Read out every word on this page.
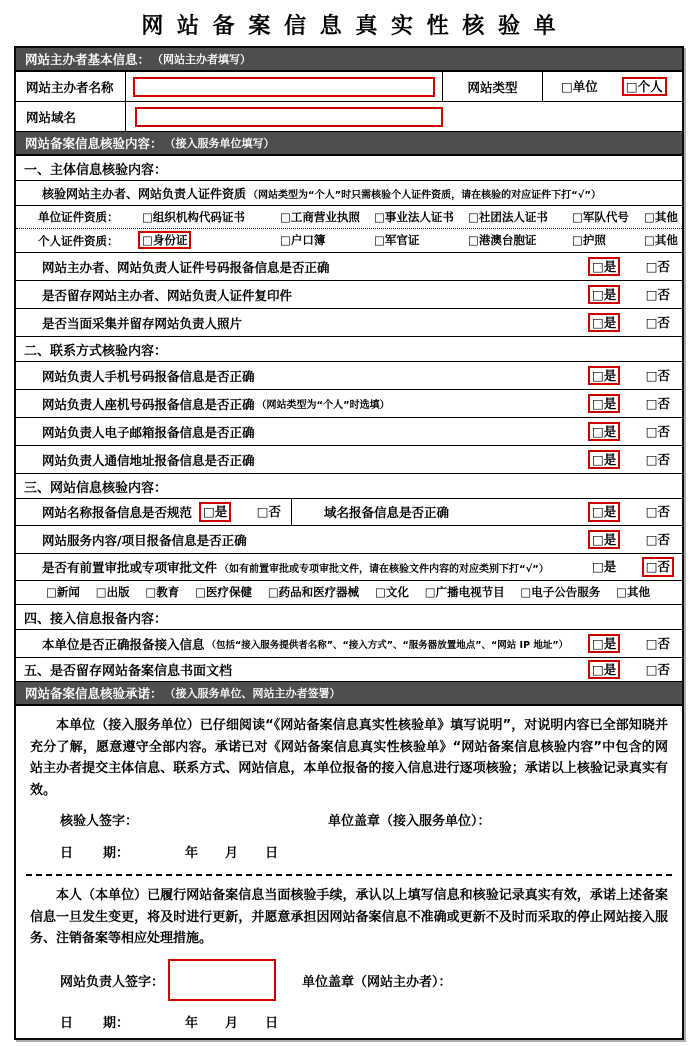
网 站 备 案 信 息 真 实 性 核 验 单
网站主办者基本信息： （网站主办者填写）
网站主办者名称	网站类型	□单位	□个人
网站域名
网站备案信息核验内容： （接入服务单位填写）
一、主体信息核验内容：
核验网站主办者、网站负责人证件资质 （网站类型为“个人”时只需核验个人证件资质，请在核验的对应证件下打“√”）
单位证件资质：	□组织机构代码证书	□工商营业执照	□事业法人证书	□社团法人证书	□军队代号	□其他
个人证件资质：	□身份证	□户口簿	□军官证	□港澳台胞证	□护照	□其他
网站主办者、网站负责人证件号码报备信息是否正确	□是	□否
是否留存网站主办者、网站负责人证件复印件	□是	□否
是否当面采集并留存网站负责人照片	□是	□否
二、联系方式核验内容：
网站负责人手机号码报备信息是否正确	□是	□否
网站负责人座机号码报备信息是否正确 （网站类型为“个人”时选填）	□是	□否
网站负责人电子邮箱报备信息是否正确	□是	□否
网站负责人通信地址报备信息是否正确	□是	□否
三、网站信息核验内容：
网站名称报备信息是否规范 □是	□否	域名报备信息是否正确	□是	□否
网站服务内容/项目报备信息是否正确	□是	□否
是否有前置审批或专项审批文件 （如有前置审批或专项审批文件，请在核验文件内容的对应类别下打“√”）	□是	□否
□新闻	□出版	□教育	□医疗保健	□药品和医疗器械	□文化	□广播电视节目	□电子公告服务	□其他
四、接入信息报备内容：
本单位是否正确报备接入信息 （包括“接入服务提供者名称”、“接入方式”、“服务器放置地点”、“网站 IP 地址”）	□是	□否
五、是否留存网站备案信息书面文档	□是	□否
网站备案信息核验承诺： （接入服务单位、网站主办者签署）
本单位（接入服务单位）已仔细阅读“《网站备案信息真实性核验单》填写说明”，对说明内容已全部知晓并充分了解，愿意遵守全部内容。承诺已对《网站备案信息真实性核验单》“网站备案信息核验内容”中包含的网站主办者提交主体信息、联系方式、网站信息，本单位报备的接入信息进行逐项核验；承诺以上核验记录真实有效。
核验人签字：	单位盖章（接入服务单位）：
日 期：	年 月 日
本人（本单位）已履行网站备案信息当面核验手续，承认以上填写信息和核验记录真实有效，承诺上述备案信息一旦发生变更，将及时进行更新，并愿意承担因网站备案信息不准确或更新不及时而采取的停止网站接入服务、注销备案等相应处理措施。
网站负责人签字：	单位盖章（网站主办者）：
日 期：	年 月 日
